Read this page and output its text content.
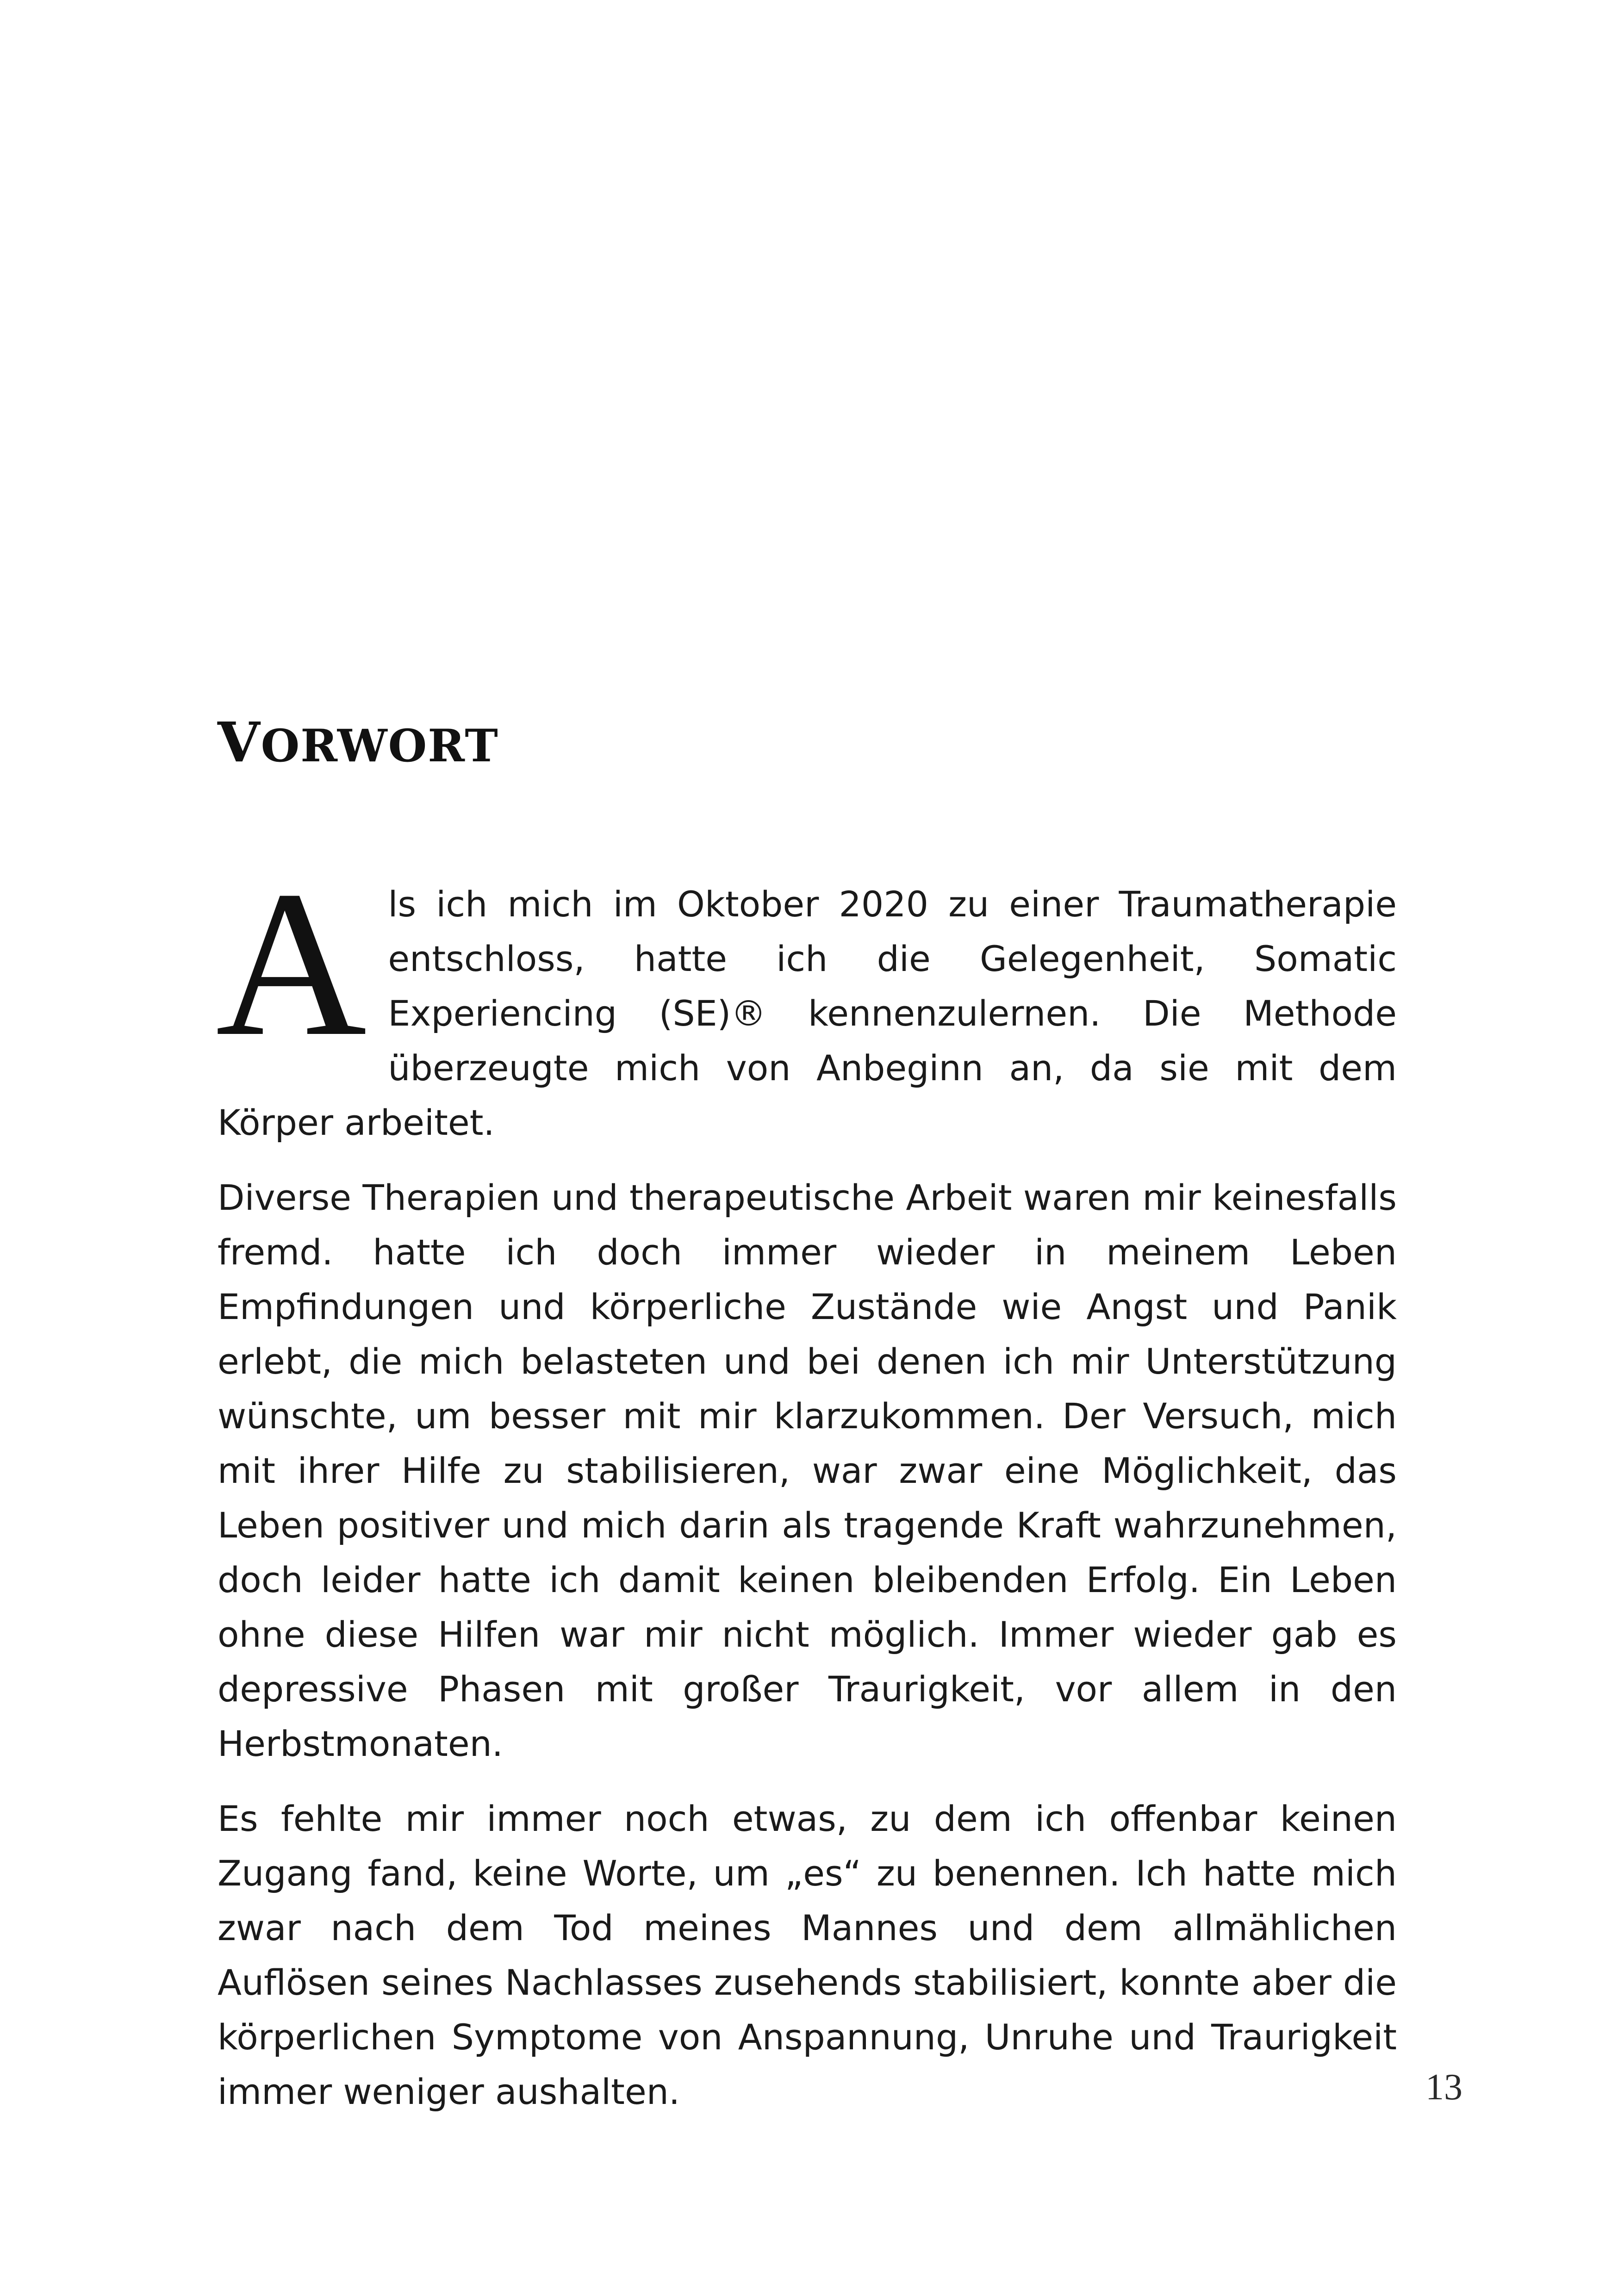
VORWORT

Als ich mich im Oktober 2020 zu einer Traumatherapie entschloss, hatte ich die Gelegenheit, Somatic Experiencing (SE)® kennenzulernen. Die Methode überzeugte mich von Anbeginn an, da sie mit dem Körper arbeitet.

Diverse Therapien und therapeutische Arbeit waren mir keinesfalls fremd. hatte ich doch immer wieder in meinem Leben Empfindungen und körperliche Zustände wie Angst und Panik erlebt, die mich belasteten und bei denen ich mir Unterstützung wünschte, um besser mit mir klarzukommen. Der Versuch, mich mit ihrer Hilfe zu stabilisieren, war zwar eine Möglichkeit, das Leben positiver und mich darin als tragende Kraft wahrzunehmen, doch leider hatte ich damit keinen bleibenden Erfolg. Ein Leben ohne diese Hilfen war mir nicht möglich. Immer wieder gab es depressive Phasen mit großer Traurigkeit, vor allem in den Herbstmonaten.

Es fehlte mir immer noch etwas, zu dem ich offenbar keinen Zugang fand, keine Worte, um „es“ zu benennen. Ich hatte mich zwar nach dem Tod meines Mannes und dem allmählichen Auflösen seines Nachlasses zusehends stabilisiert, konnte aber die körperlichen Symptome von Anspannung, Unruhe und Traurigkeit immer weniger aushalten.	13
